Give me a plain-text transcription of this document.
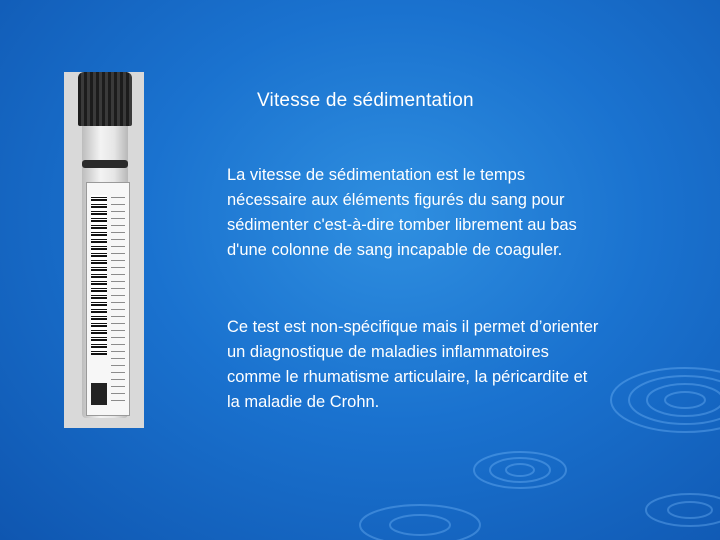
Vitesse de sédimentation

La vitesse de sédimentation est le temps nécessaire aux éléments figurés du sang pour sédimenter c'est-à-dire tomber librement au bas d'une colonne de sang incapable de coaguler.

Ce test est non-spécifique mais il permet d’orienter un diagnostique de maladies inflammatoires comme le rhumatisme articulaire, la péricardite et la maladie de Crohn.
